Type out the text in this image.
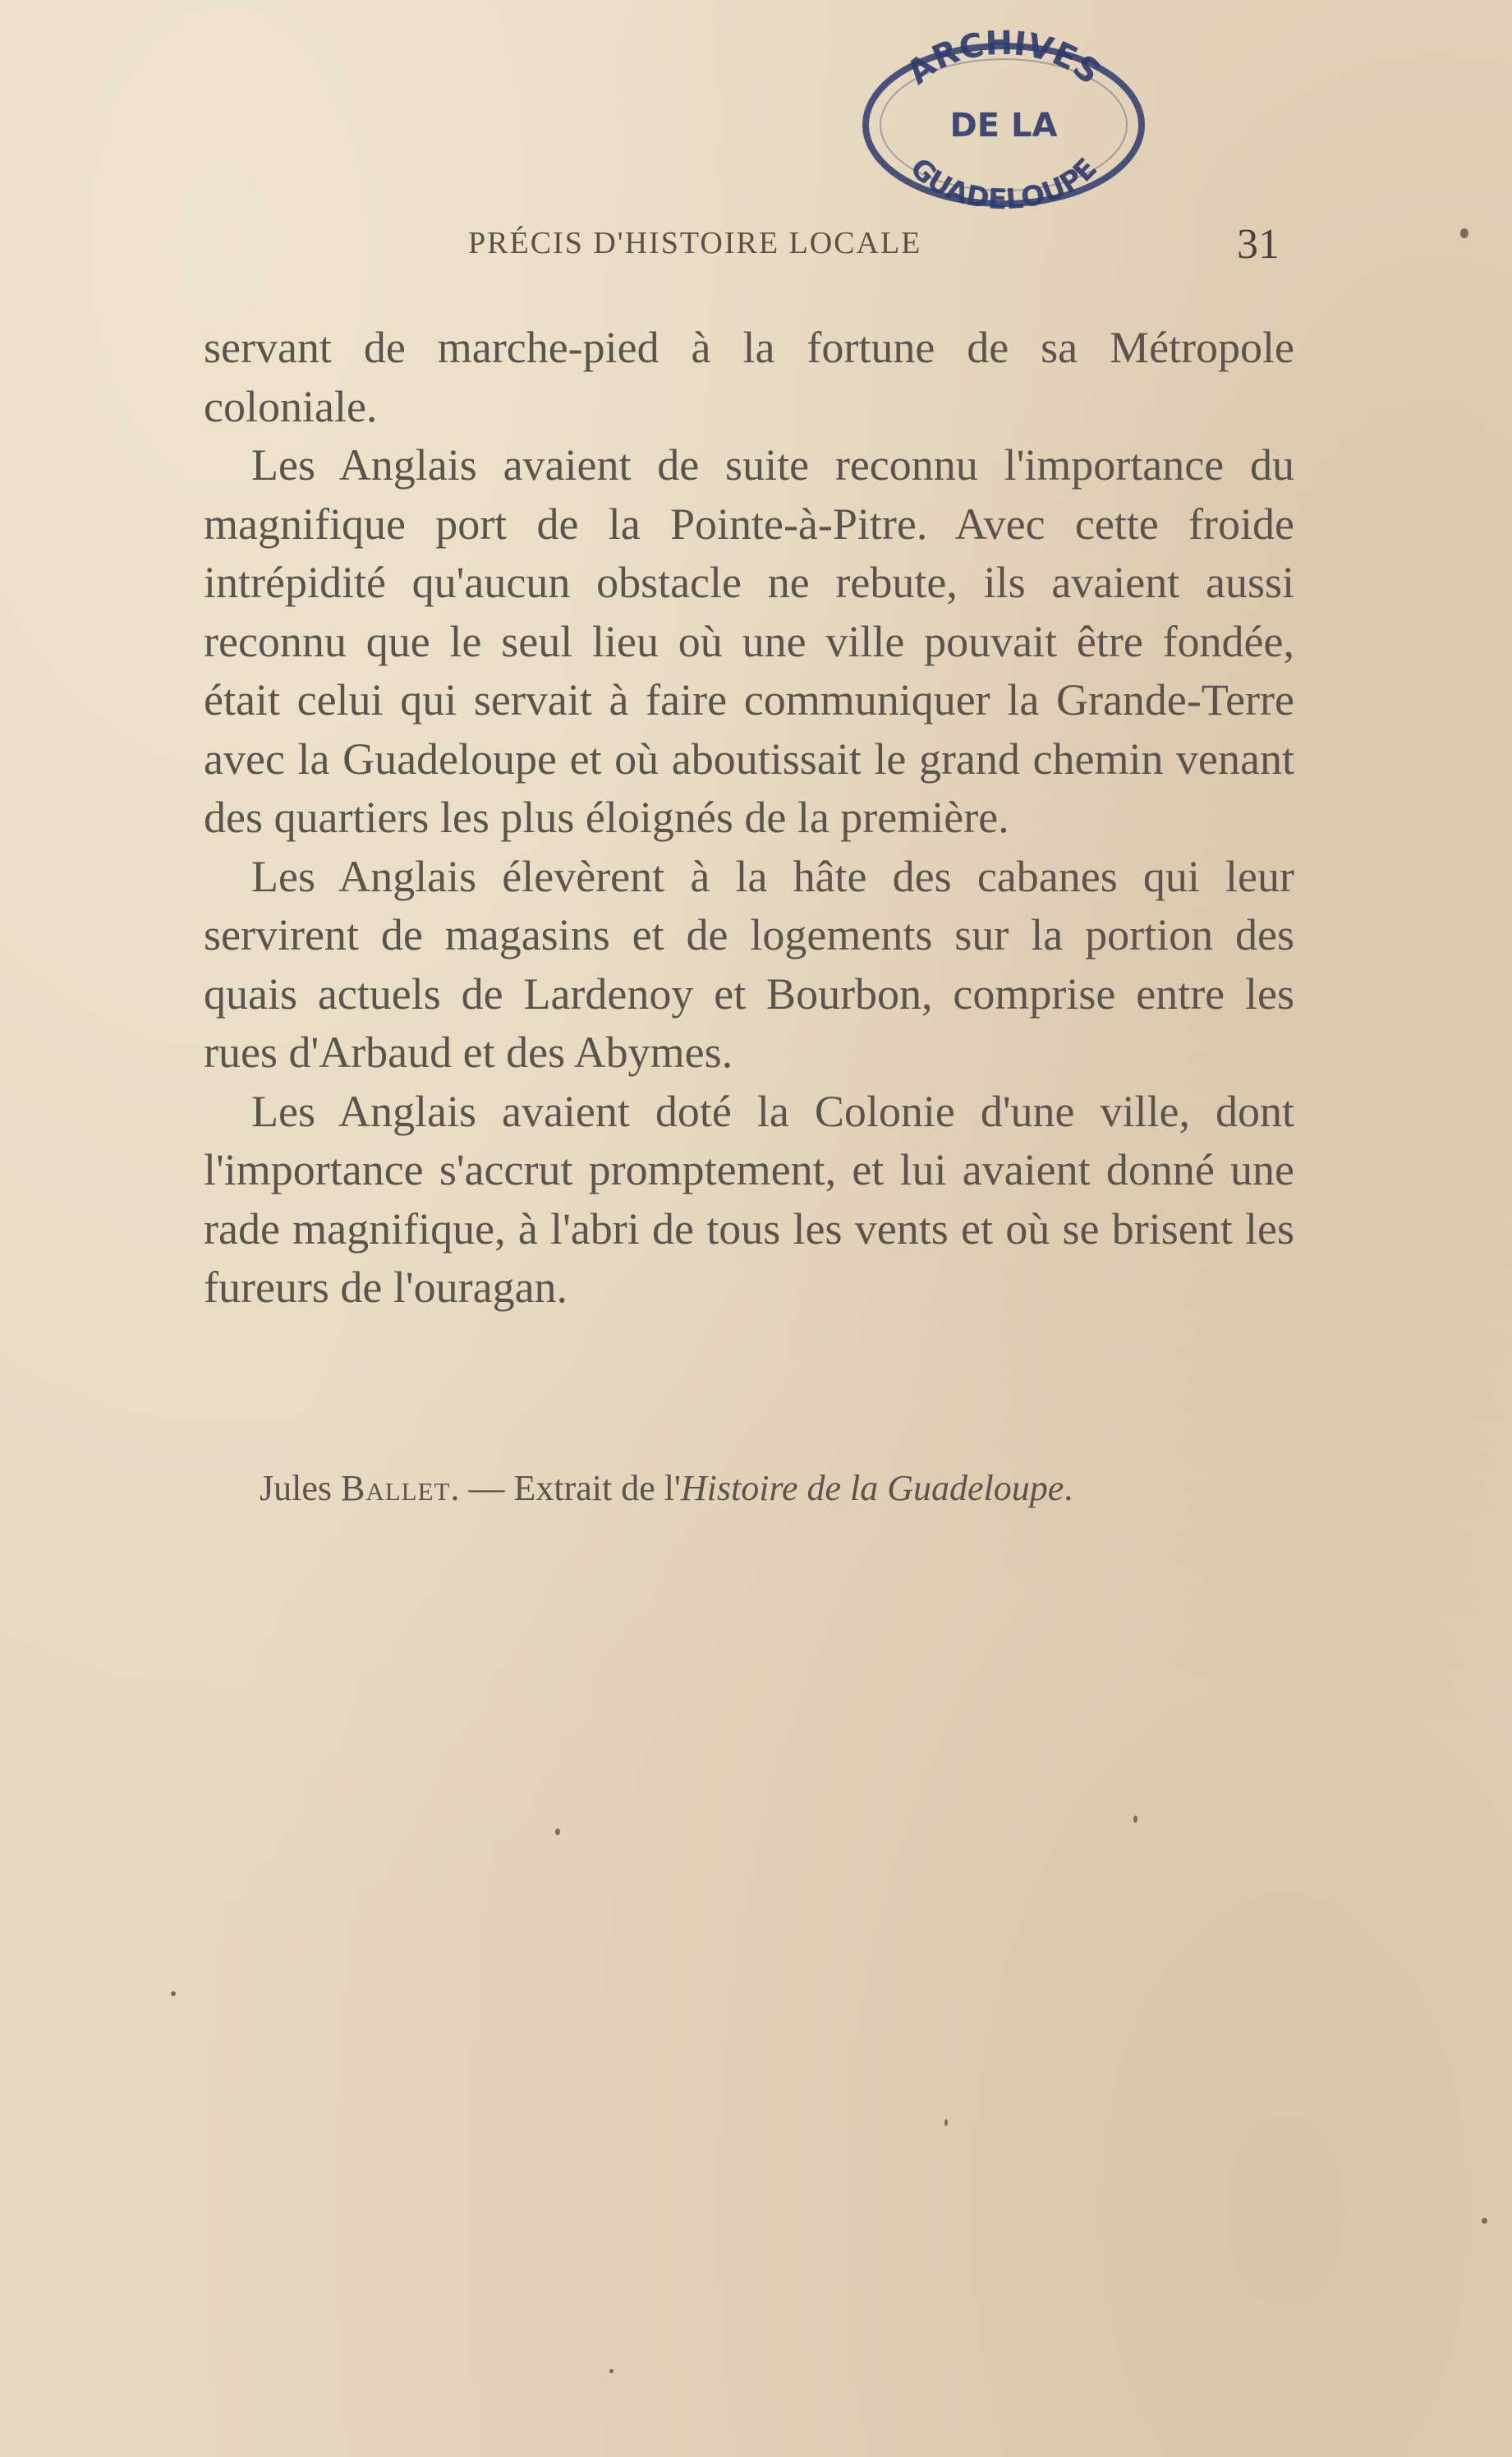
ARCHIVES
DE LA
GUADELOUPE
PRÉCIS D'HISTOIRE LOCALE	31

servant de marche-pied à la fortune de sa Métropole coloniale.

Les Anglais avaient de suite reconnu l'importance du magnifique port de la Pointe-à-Pitre. Avec cette froide intrépidité qu'aucun obstacle ne rebute, ils avaient aussi reconnu que le seul lieu où une ville pouvait être fondée, était celui qui servait à faire communiquer la Grande-Terre avec la Guadeloupe et où aboutissait le grand chemin venant des quartiers les plus éloignés de la première.

Les Anglais élevèrent à la hâte des cabanes qui leur servirent de magasins et de logements sur la portion des quais actuels de Lardenoy et Bourbon, comprise entre les rues d'Arbaud et des Abymes.

Les Anglais avaient doté la Colonie d'une ville, dont l'importance s'accrut promptement, et lui avaient donné une rade magnifique, à l'abri de tous les vents et où se brisent les fureurs de l'ouragan.

Jules Ballet. — Extrait de l'Histoire de la Guadeloupe.
